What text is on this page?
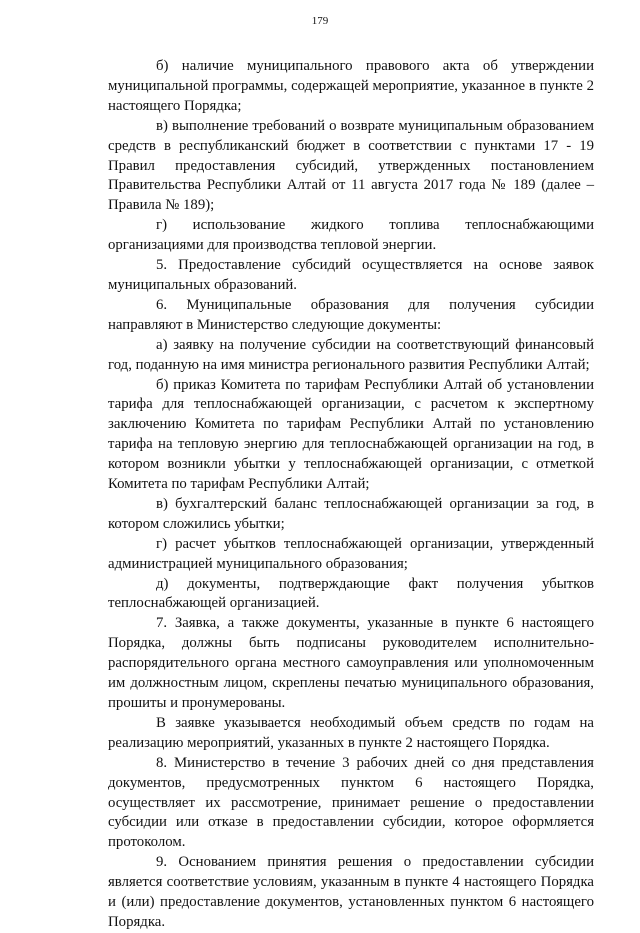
179

б) наличие муниципального правового акта об утверждении муниципальной программы, содержащей мероприятие, указанное в пункте 2 настоящего Порядка;

в) выполнение требований о возврате муниципальным образованием средств в республиканский бюджет в соответствии с пунктами 17 - 19 Правил предоставления субсидий, утвержденных постановлением Правительства Республики Алтай от 11 августа 2017 года № 189 (далее – Правила № 189);

г) использование жидкого топлива теплоснабжающими организациями для производства тепловой энергии.

5. Предоставление субсидий осуществляется на основе заявок муниципальных образований.

6. Муниципальные образования для получения субсидии направляют в Министерство следующие документы:

а) заявку на получение субсидии на соответствующий финансовый год, поданную на имя министра регионального развития Республики Алтай;

б) приказ Комитета по тарифам Республики Алтай об установлении тарифа для теплоснабжающей организации, с расчетом к экспертному заключению Комитета по тарифам Республики Алтай по установлению тарифа на тепловую энергию для теплоснабжающей организации на год, в котором возникли убытки у теплоснабжающей организации, с отметкой Комитета по тарифам Республики Алтай;

в) бухгалтерский баланс теплоснабжающей организации за год, в котором сложились убытки;

г) расчет убытков теплоснабжающей организации, утвержденный администрацией муниципального образования;

д) документы, подтверждающие факт получения убытков теплоснабжающей организацией.

7. Заявка, а также документы, указанные в пункте 6 настоящего Порядка, должны быть подписаны руководителем исполнительно-распорядительного органа местного самоуправления или уполномоченным им должностным лицом, скреплены печатью муниципального образования, прошиты и пронумерованы.

В заявке указывается необходимый объем средств по годам на реализацию мероприятий, указанных в пункте 2 настоящего Порядка.

8. Министерство в течение 3 рабочих дней со дня представления документов, предусмотренных пунктом 6 настоящего Порядка, осуществляет их рассмотрение, принимает решение о предоставлении субсидии или отказе в предоставлении субсидии, которое оформляется протоколом.

9. Основанием принятия решения о предоставлении субсидии является соответствие условиям, указанным в пункте 4 настоящего Порядка и (или) предоставление документов, установленных пунктом 6 настоящего Порядка.
